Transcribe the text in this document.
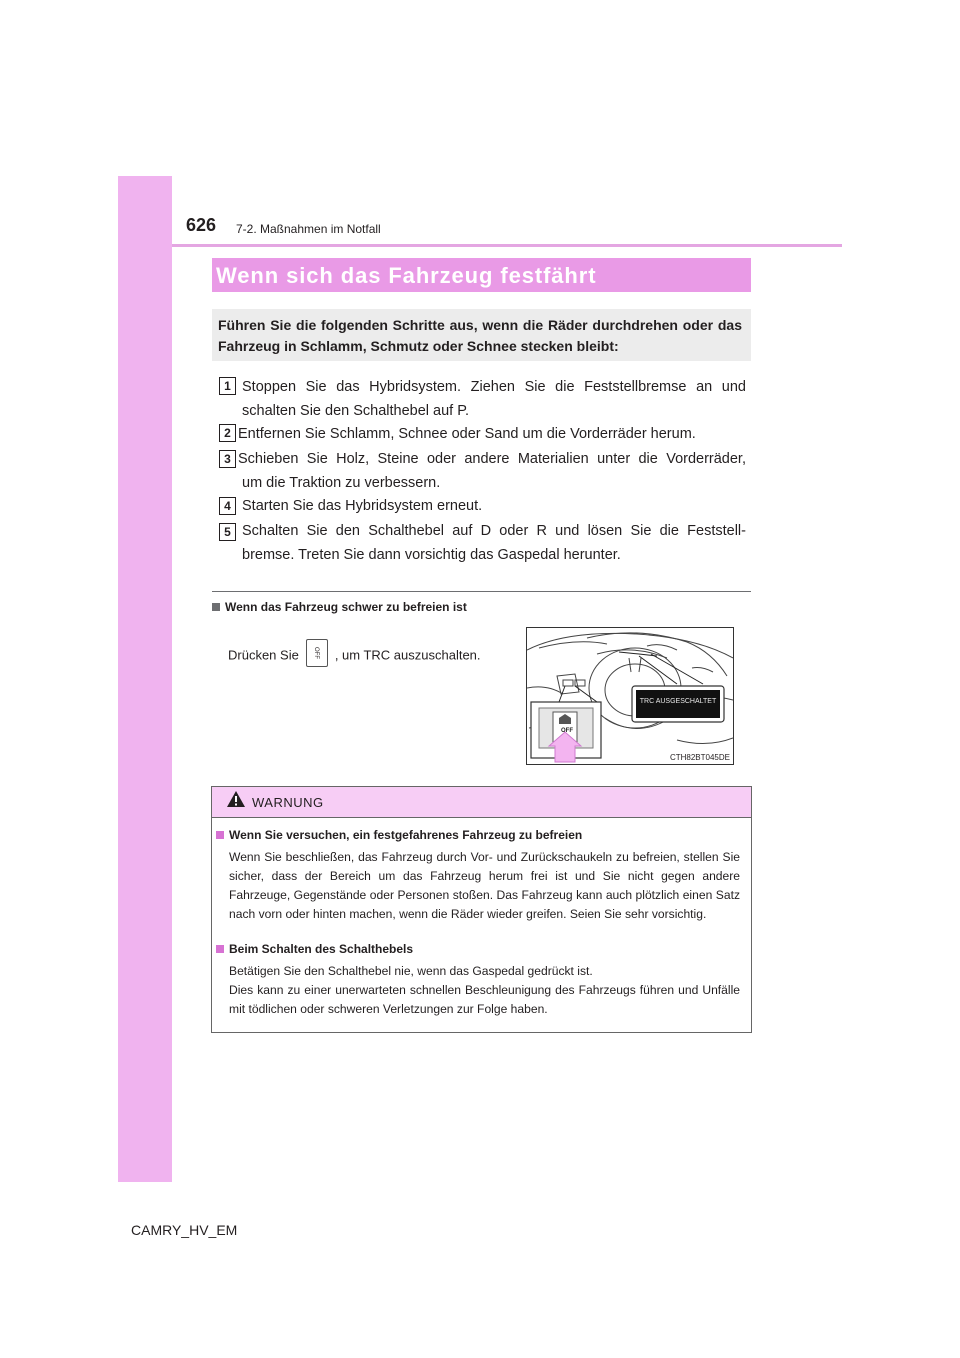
626 7-2. Maßnahmen im Notfall
Wenn sich das Fahrzeug festfährt
Führen Sie die folgenden Schritte aus, wenn die Räder durchdrehen oder das Fahrzeug in Schlamm, Schmutz oder Schnee stecken bleibt:
1 Stoppen Sie das Hybridsystem. Ziehen Sie die Feststellbremse an und
schalten Sie den Schalthebel auf P.
2 Entfernen Sie Schlamm, Schnee oder Sand um die Vorderräder herum.
3 Schieben Sie Holz, Steine oder andere Materialien unter die Vorderräder,
um die Traktion zu verbessern.
4 Starten Sie das Hybridsystem erneut.
5 Schalten Sie den Schalthebel auf D oder R und lösen Sie die Feststell-
bremse. Treten Sie dann vorsichtig das Gaspedal herunter.
Wenn das Fahrzeug schwer zu befreien ist
Drücken Sie OFF , um TRC auszuschalten.
TRC AUSGESCHALTET
OFF
CTH82BT045DE
WARNUNG
Wenn Sie versuchen, ein festgefahrenes Fahrzeug zu befreien
Wenn Sie beschließen, das Fahrzeug durch Vor- und Zurückschaukeln zu befreien, stellen Sie sicher, dass der Bereich um das Fahrzeug herum frei ist und Sie nicht gegen andere Fahrzeuge, Gegenstände oder Personen stoßen. Das Fahrzeug kann auch plötzlich einen Satz nach vorn oder hinten machen, wenn die Räder wieder greifen. Seien Sie sehr vorsichtig.
Beim Schalten des Schalthebels
Betätigen Sie den Schalthebel nie, wenn das Gaspedal gedrückt ist.
Dies kann zu einer unerwarteten schnellen Beschleunigung des Fahrzeugs führen und Unfälle mit tödlichen oder schweren Verletzungen zur Folge haben.
CAMRY_HV_EM
